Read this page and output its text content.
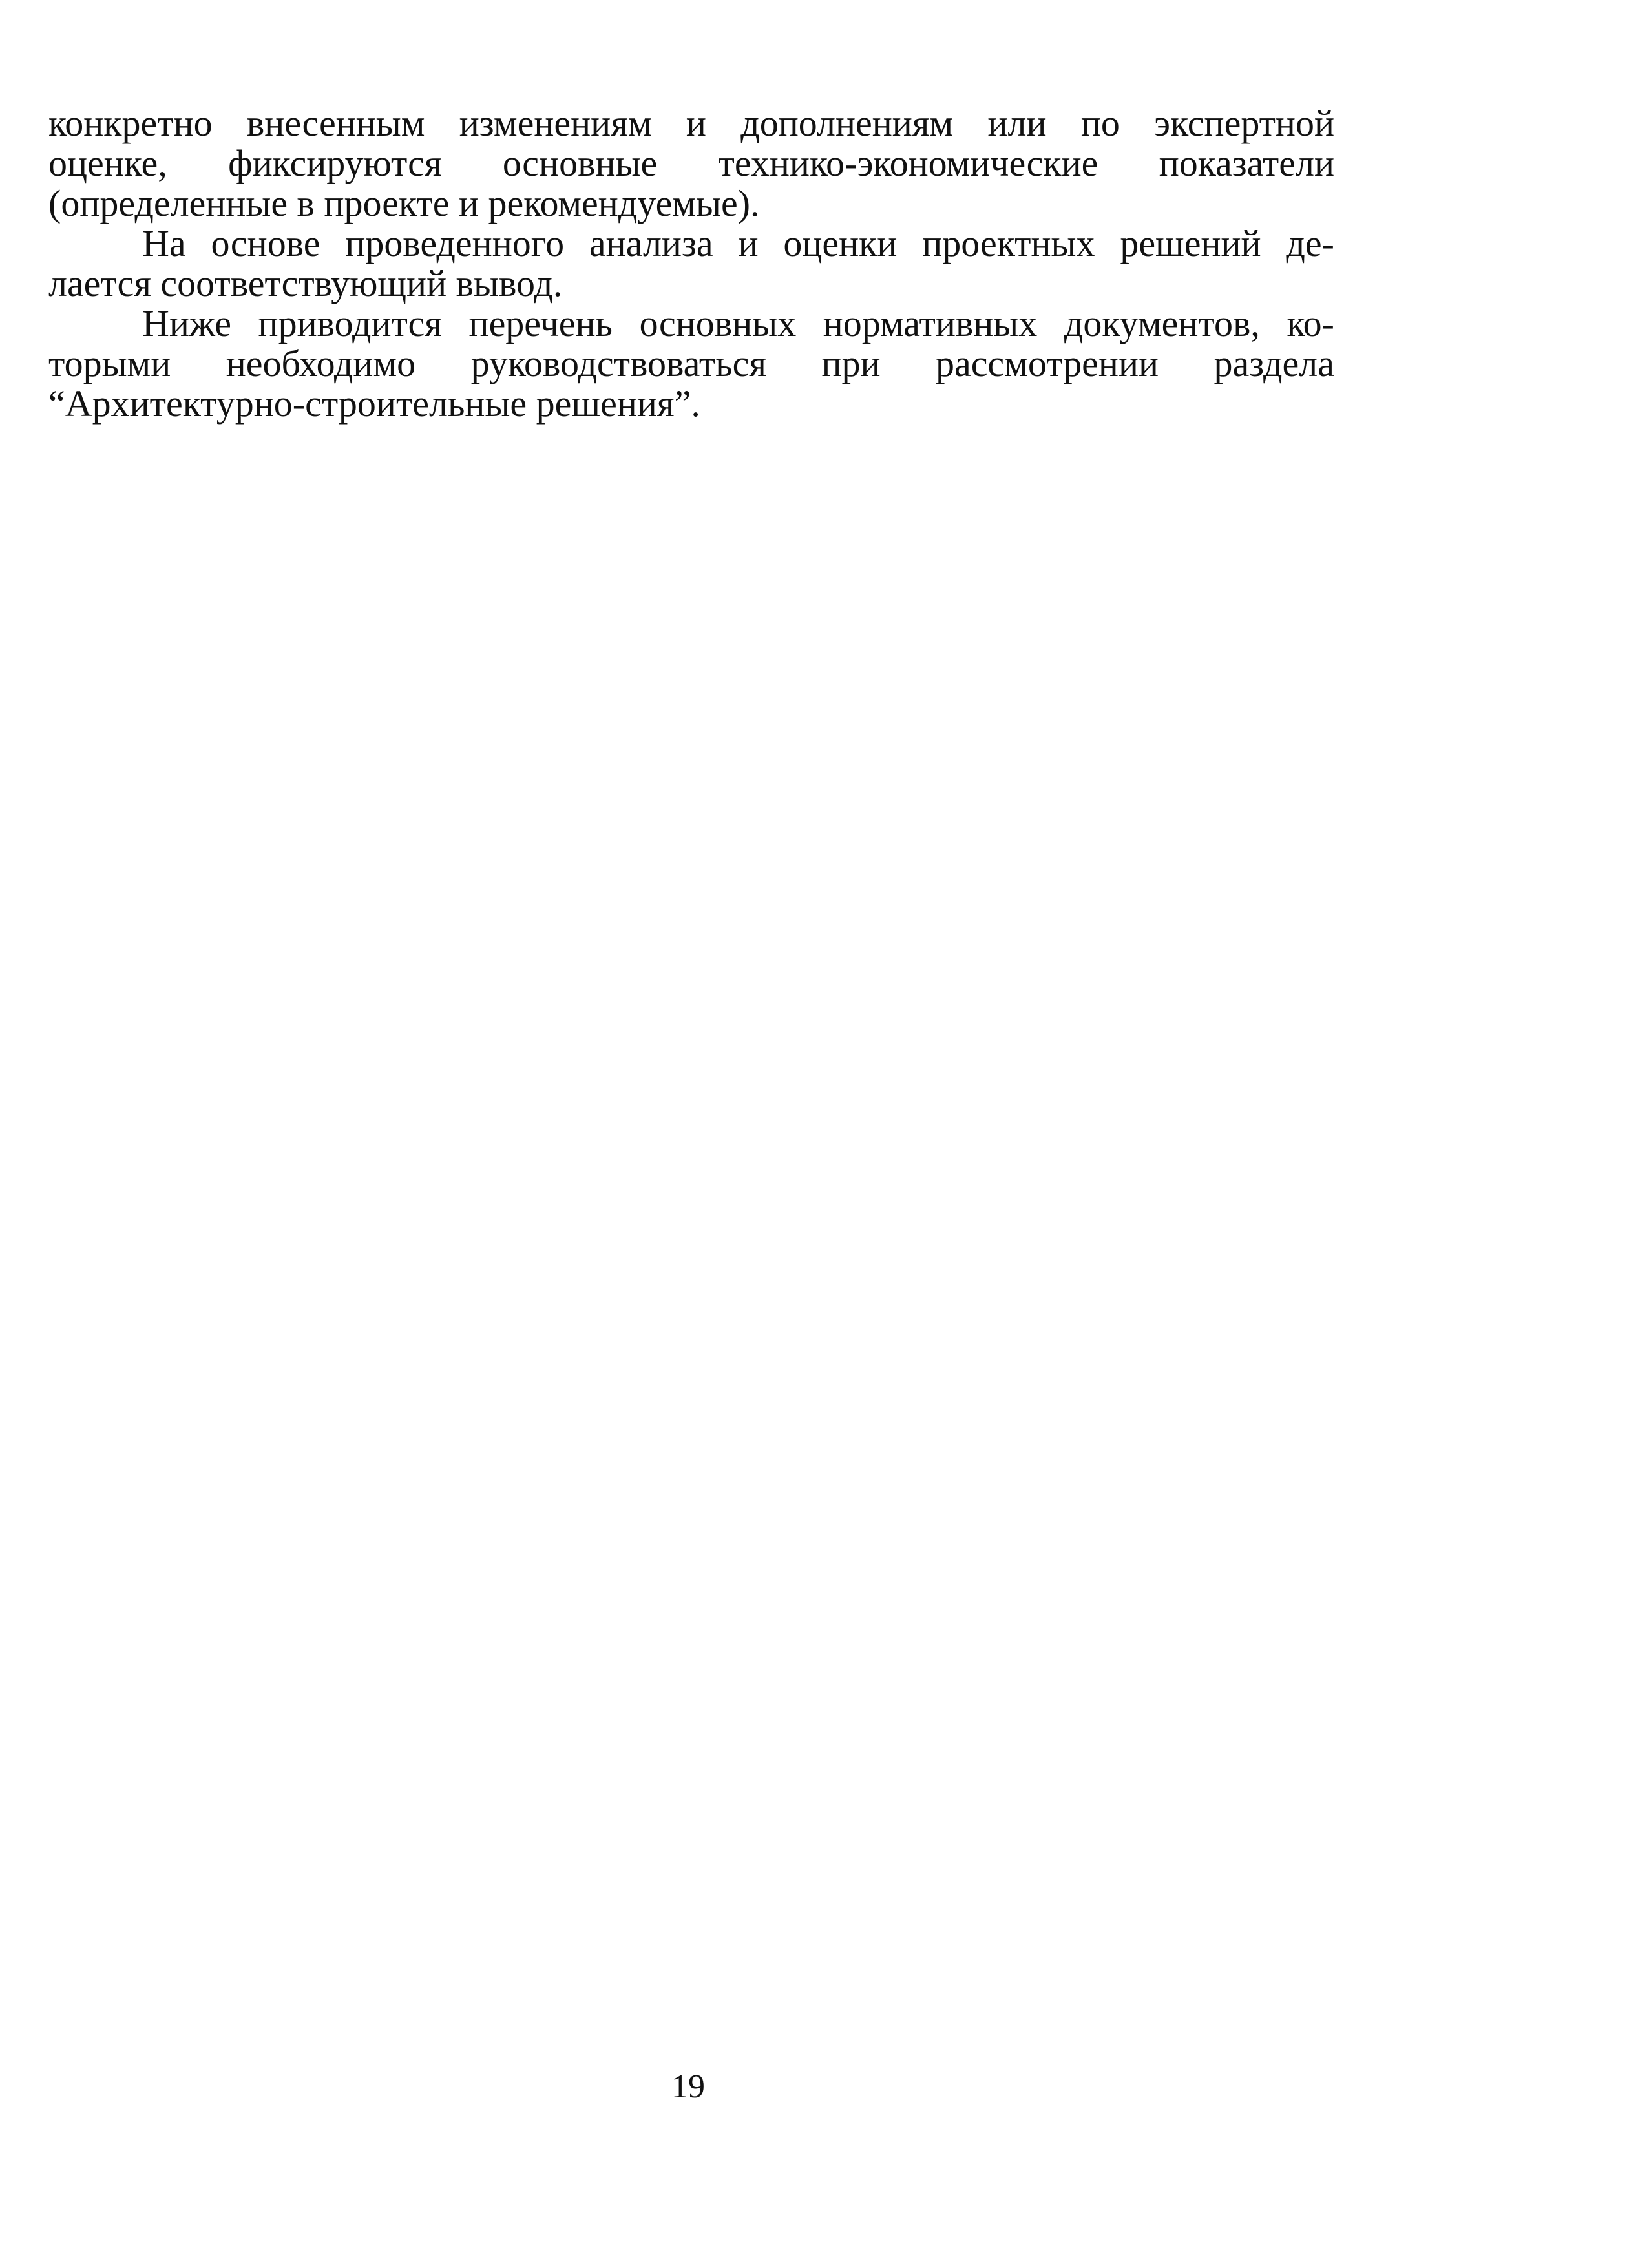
конкретно внесенным изменениям и дополнениям или по экспертной
оценке, фиксируются основные технико-экономические показатели
(определенные в проекте и рекомендуемые).
На основе проведенного анализа и оценки проектных решений де-
лается соответствующий вывод.
Ниже приводится перечень основных нормативных документов, ко-
торыми необходимо руководствоваться при рассмотрении раздела
“Архитектурно-строительные решения”.
19
